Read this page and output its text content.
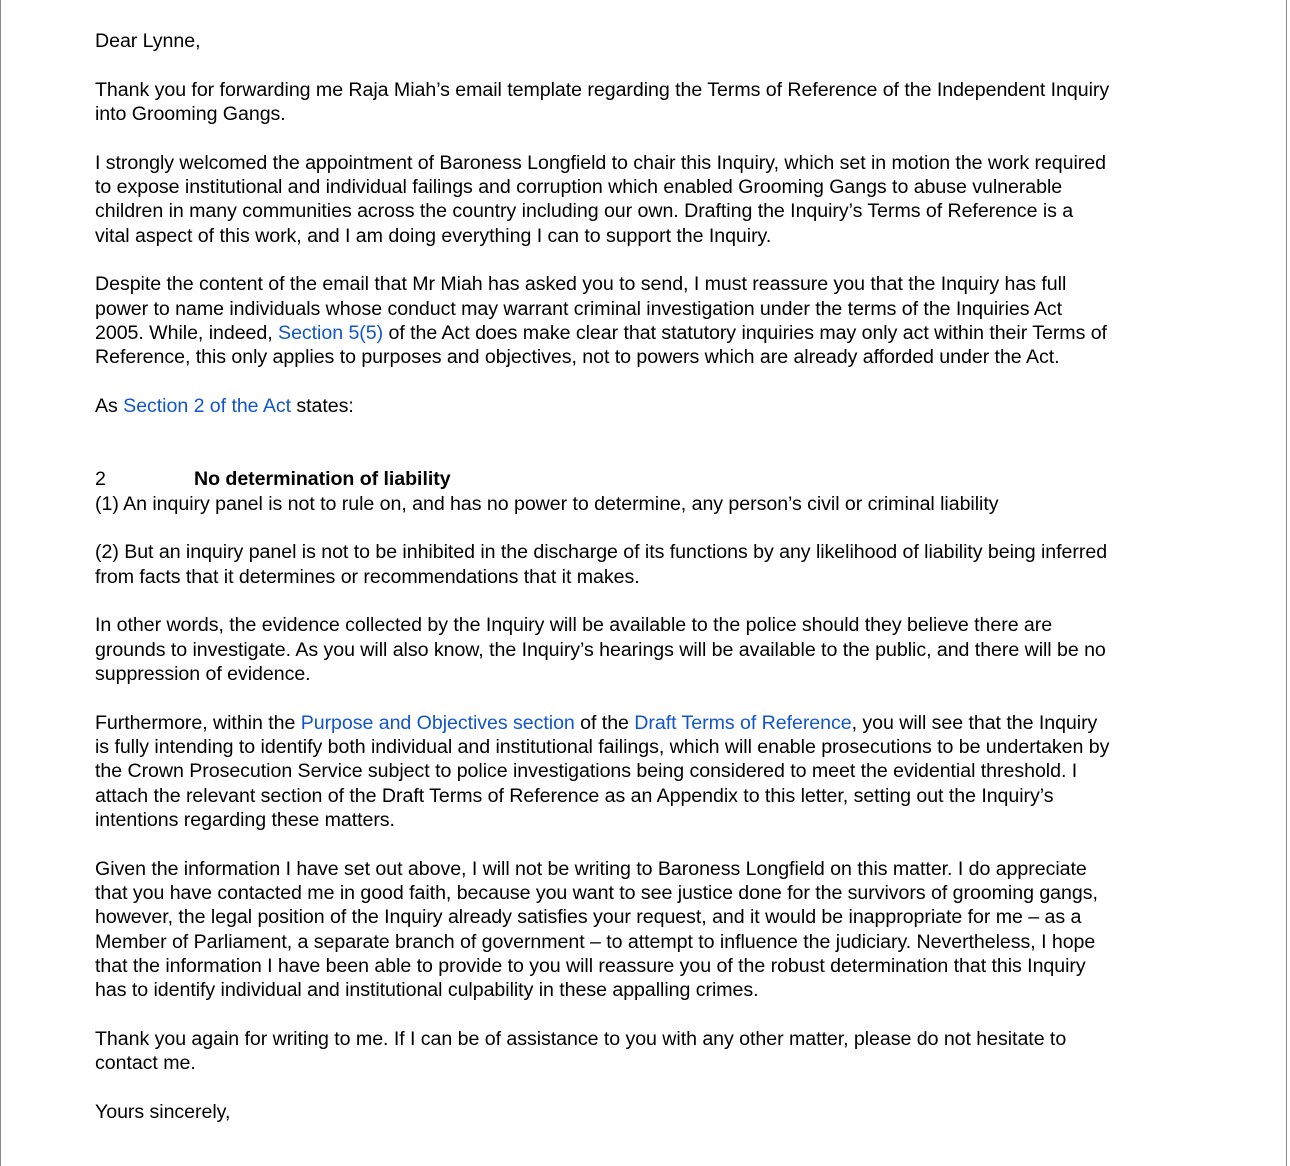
Dear Lynne,

Thank you for forwarding me Raja Miah’s email template regarding the Terms of Reference of the Independent Inquiry
into Grooming Gangs.

I strongly welcomed the appointment of Baroness Longfield to chair this Inquiry, which set in motion the work required
to expose institutional and individual failings and corruption which enabled Grooming Gangs to abuse vulnerable
children in many communities across the country including our own. Drafting the Inquiry’s Terms of Reference is a
vital aspect of this work, and I am doing everything I can to support the Inquiry.

Despite the content of the email that Mr Miah has asked you to send, I must reassure you that the Inquiry has full
power to name individuals whose conduct may warrant criminal investigation under the terms of the Inquiries Act
2005. While, indeed, Section 5(5) of the Act does make clear that statutory inquiries may only act within their Terms of
Reference, this only applies to purposes and objectives, not to powers which are already afforded under the Act.

As Section 2 of the Act states:

2	No determination of liability

(1) An inquiry panel is not to rule on, and has no power to determine, any person’s civil or criminal liability

(2) But an inquiry panel is not to be inhibited in the discharge of its functions by any likelihood of liability being inferred
from facts that it determines or recommendations that it makes.

In other words, the evidence collected by the Inquiry will be available to the police should they believe there are
grounds to investigate. As you will also know, the Inquiry’s hearings will be available to the public, and there will be no
suppression of evidence.

Furthermore, within the Purpose and Objectives section of the Draft Terms of Reference, you will see that the Inquiry
is fully intending to identify both individual and institutional failings, which will enable prosecutions to be undertaken by
the Crown Prosecution Service subject to police investigations being considered to meet the evidential threshold. I
attach the relevant section of the Draft Terms of Reference as an Appendix to this letter, setting out the Inquiry’s
intentions regarding these matters.

Given the information I have set out above, I will not be writing to Baroness Longfield on this matter. I do appreciate
that you have contacted me in good faith, because you want to see justice done for the survivors of grooming gangs,
however, the legal position of the Inquiry already satisfies your request, and it would be inappropriate for me – as a
Member of Parliament, a separate branch of government – to attempt to influence the judiciary. Nevertheless, I hope
that the information I have been able to provide to you will reassure you of the robust determination that this Inquiry
has to identify individual and institutional culpability in these appalling crimes.

Thank you again for writing to me. If I can be of assistance to you with any other matter, please do not hesitate to
contact me.

Yours sincerely,
